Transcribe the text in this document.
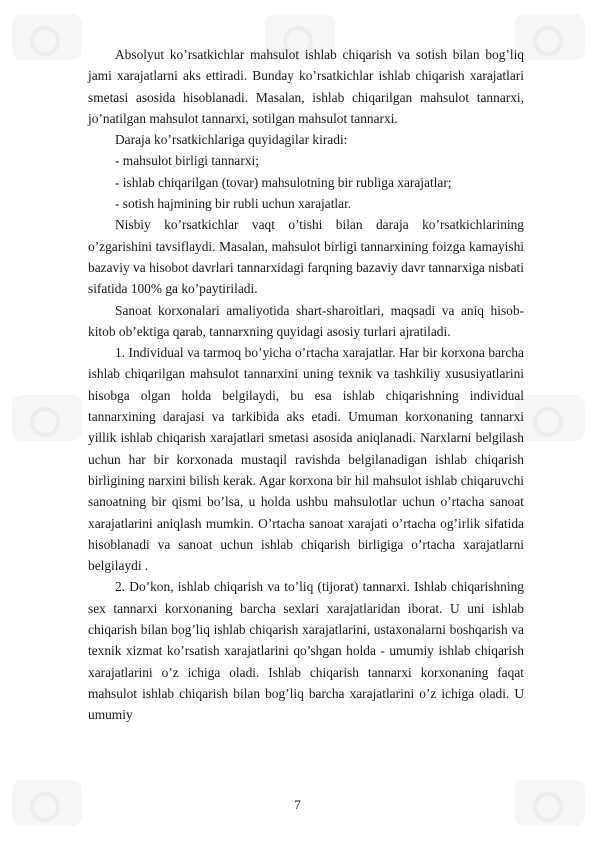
Absolyut ko’rsatkichlar mahsulot ishlab chiqarish va sotish bilan bog’liq jami xarajatlarni aks ettiradi. Bunday ko’rsatkichlar ishlab chiqarish xarajatlari smetasi asosida hisoblanadi. Masalan, ishlab chiqarilgan mahsulot tannarxi, jo’natilgan mahsulot tannarxi, sotilgan mahsulot tannarxi.

Daraja ko’rsatkichlariga quyidagilar kiradi:

- mahsulot birligi tannarxi;

- ishlab chiqarilgan (tovar) mahsulotning bir rubliga xarajatlar;

- sotish hajmining bir rubli uchun xarajatlar.

Nisbiy ko’rsatkichlar vaqt o’tishi bilan daraja ko’rsatkichlarining o’zgarishini tavsiflaydi. Masalan, mahsulot birligi tannarxining foizga kamayishi bazaviy va hisobot davrlari tannarxidagi farqning bazaviy davr tannarxiga nisbati sifatida 100% ga ko’paytiriladi.

Sanoat korxonalari amaliyotida shart-sharoitlari, maqsadi va aniq hisob-kitob ob’ektiga qarab, tannarxning quyidagi asosiy turlari ajratiladi.

1. Individual va tarmoq bo’yicha o’rtacha xarajatlar. Har bir korxona barcha ishlab chiqarilgan mahsulot tannarxini uning texnik va tashkiliy xususiyatlarini hisobga olgan holda belgilaydi, bu esa ishlab chiqarishning individual tannarxining darajasi va tarkibida aks etadi. Umuman korxonaning tannarxi yillik ishlab chiqarish xarajatlari smetasi asosida aniqlanadi. Narxlarni belgilash uchun har bir korxonada mustaqil ravishda belgilanadigan ishlab chiqarish birligining narxini bilish kerak. Agar korxona bir hil mahsulot ishlab chiqaruvchi sanoatning bir qismi bo’lsa, u holda ushbu mahsulotlar uchun o’rtacha sanoat xarajatlarini aniqlash mumkin. O’rtacha sanoat xarajati o’rtacha og’irlik sifatida hisoblanadi va sanoat uchun ishlab chiqarish birligiga o’rtacha xarajatlarni belgilaydi .

2. Do’kon, ishlab chiqarish va to’liq (tijorat) tannarxi. Ishlab chiqarishning sex tannarxi korxonaning barcha sexlari xarajatlaridan iborat. U uni ishlab chiqarish bilan bog’liq ishlab chiqarish xarajatlarini, ustaxonalarni boshqarish va texnik xizmat ko’rsatish xarajatlarini qo’shgan holda - umumiy ishlab chiqarish xarajatlarini o’z ichiga oladi. Ishlab chiqarish tannarxi korxonaning faqat mahsulot ishlab chiqarish bilan bog’liq barcha xarajatlarini o’z ichiga oladi. U umumiy

7
